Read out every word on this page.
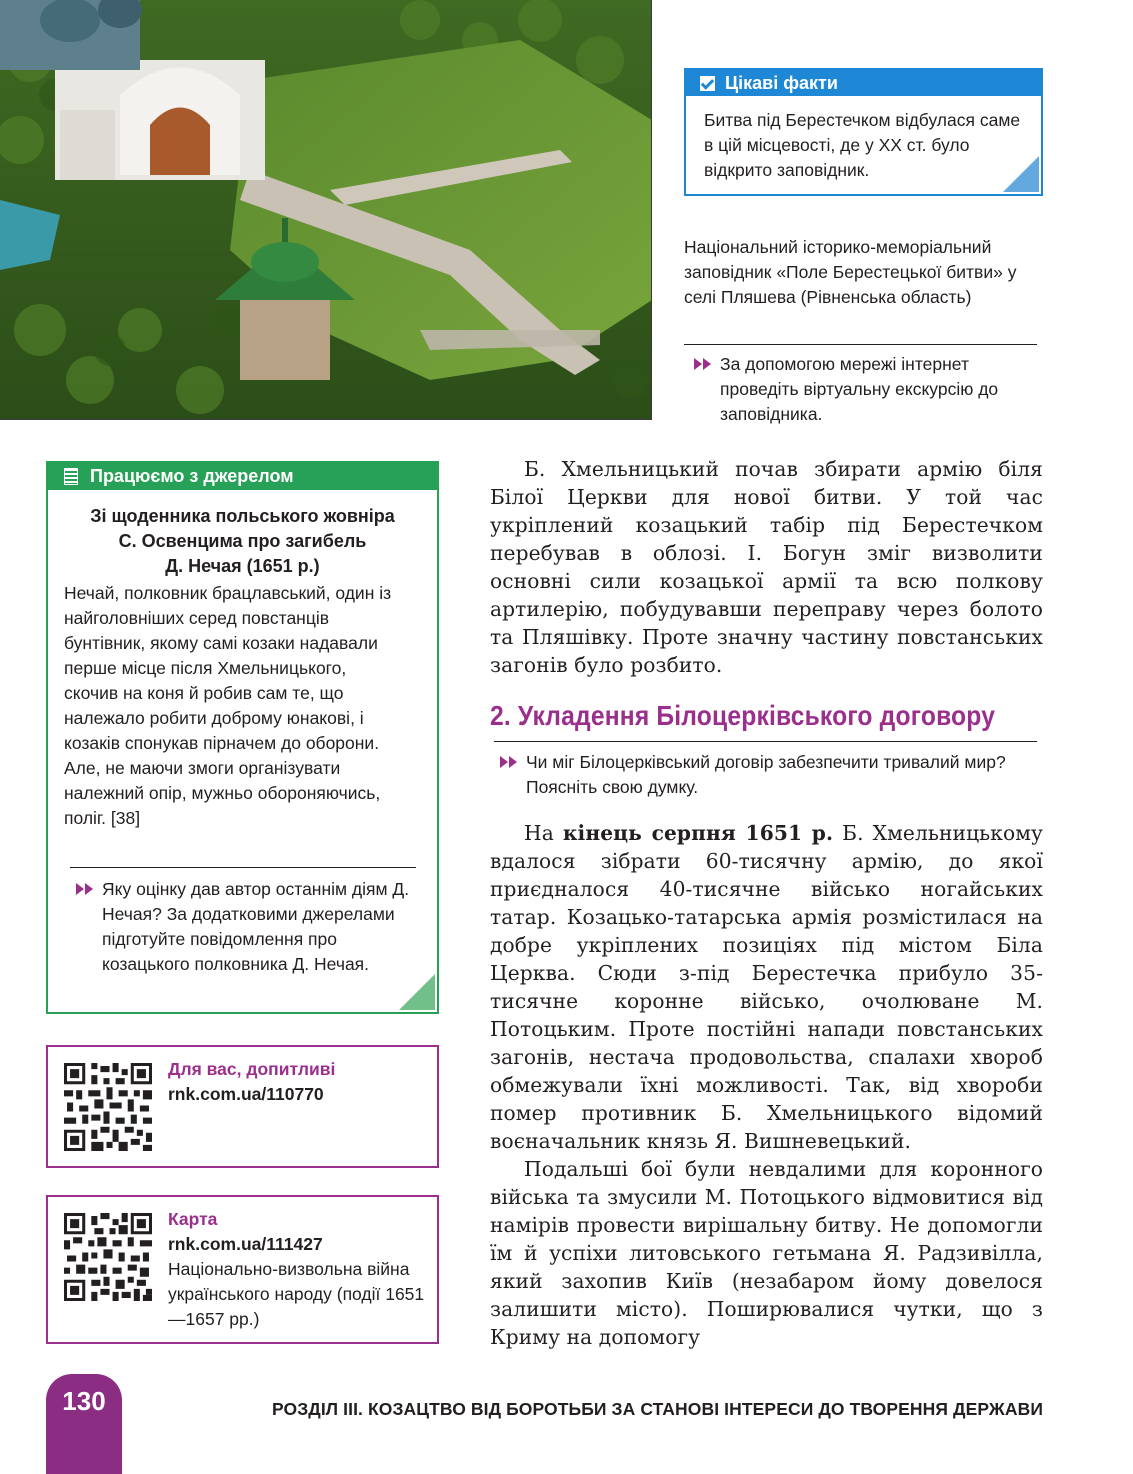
Цікаві факти
Битва під Берестечком відбулася саме в цій місцевості, де у ХХ ст. було відкрито заповідник.
Національний історико-меморіальний заповідник «Поле Берестецької битви» у селі Пляшева (Рівненська область)
За допомогою мережі інтернет проведіть віртуальну екскурсію до заповідника.
Працюємо з джерелом
Зі щоденника польського жовніра
С. Освенцима про загибель
Д. Нечая (1651 р.)
Нечай, полковник брацлавський, один із найголовніших серед повстанців бунтівник, якому самі козаки надавали перше місце після Хмельницького, скочив на коня й робив сам те, що належало робити доброму юнакові, і козаків спонукав пірначем до оборони. Але, не маючи змоги організувати належний опір, мужньо обороняючись, поліг. [38]
Яку оцінку дав автор останнім діям Д. Нечая? За додатковими джерелами підготуйте повідомлення про козацького полковника Д. Нечая.
Для вас, допитливі
rnk.com.ua/110770
Карта
rnk.com.ua/111427
Національно-визвольна війна українського народу (події 1651—1657 рр.)

Б. Хмельницький почав збирати армію біля Білої Церкви для нової битви. У той час укріплений козацький табір під Берестечком перебував в облозі. І. Богун зміг визволити основні сили козацької армії та всю полкову артилерію, побудувавши переправу через болото та Пляшівку. Проте значну частину повстанських загонів було розбито.

2. Укладення Білоцерківського договору
Чи міг Білоцерківський договір забезпечити тривалий мир? Поясніть свою думку.

На кінець серпня 1651 р. Б. Хмельницькому вдалося зібрати 60-тисячну армію, до якої приєдналося 40-тисячне військо ногайських татар. Козацько-татарська армія розмістилася на добре укріплених позиціях під містом Біла Церква. Сюди з-під Берестечка прибуло 35-тисячне коронне військо, очолюване М. Потоцьким. Проте постійні напади повстанських загонів, нестача продовольства, спалахи хвороб обмежували їхні можливості. Так, від хвороби помер противник Б. Хмельницького відомий воєначальник князь Я. Вишневецький.

Подальші бої були невдалими для коронного війська та змусили М. Потоцького відмовитися від намірів провести вирішальну битву. Не допомогли їм й успіхи литовського гетьмана Я. Радзивілла, який захопив Київ (незабаром йому довелося залишити місто). Поширювалися чутки, що з Криму на допомогу

130	РОЗДІЛ III. КОЗАЦТВО ВІД БОРОТЬБИ ЗА СТАНОВІ ІНТЕРЕСИ ДО ТВОРЕННЯ ДЕРЖАВИ
